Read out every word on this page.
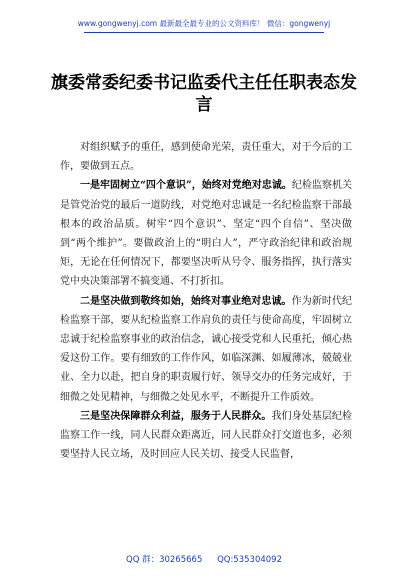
www.gongwenyj.com 最新最全最专业的公文资料库！ 微信：gongwenyj
旗委常委纪委书记监委代主任任职表态发言

对组织赋予的重任，感到使命光荣，责任重大，对于今后的工作，要做到五点。

一是牢固树立“四个意识”，始终对党绝对忠诚。纪检监察机关是管党治党的最后一道防线，对党绝对忠诚是一名纪检监察干部最根本的政治品质。树牢“四个意识”、坚定“四个自信”、坚决做到“两个维护”。要做政治上的“明白人”，严守政治纪律和政治规矩，无论在任何情况下，都要坚决听从号令、服务指挥，执行落实党中央决策部署不搞变通、不打折扣。

二是坚决做到敬终如始，始终对事业绝对忠诚。作为新时代纪检监察干部，要从纪检监察工作肩负的责任与使命高度，牢固树立忠诚于纪检监察事业的政治信念，诚心接受党和人民重托，倾心热爱这份工作。要有细致的工作作风，如临深渊、如履薄冰，兢兢业业、全力以赴，把自身的职责履行好、领导交办的任务完成好，于细微之处见精神，与细微之处见水平，不断提升工作质效。

三是坚决保障群众利益，服务于人民群众。我们身处基层纪检监察工作一线，同人民群众距离近，同人民群众打交道也多，必须要坚持人民立场，及时回应人民关切、接受人民监督，

QQ 群：30265665 QQ:535304092
